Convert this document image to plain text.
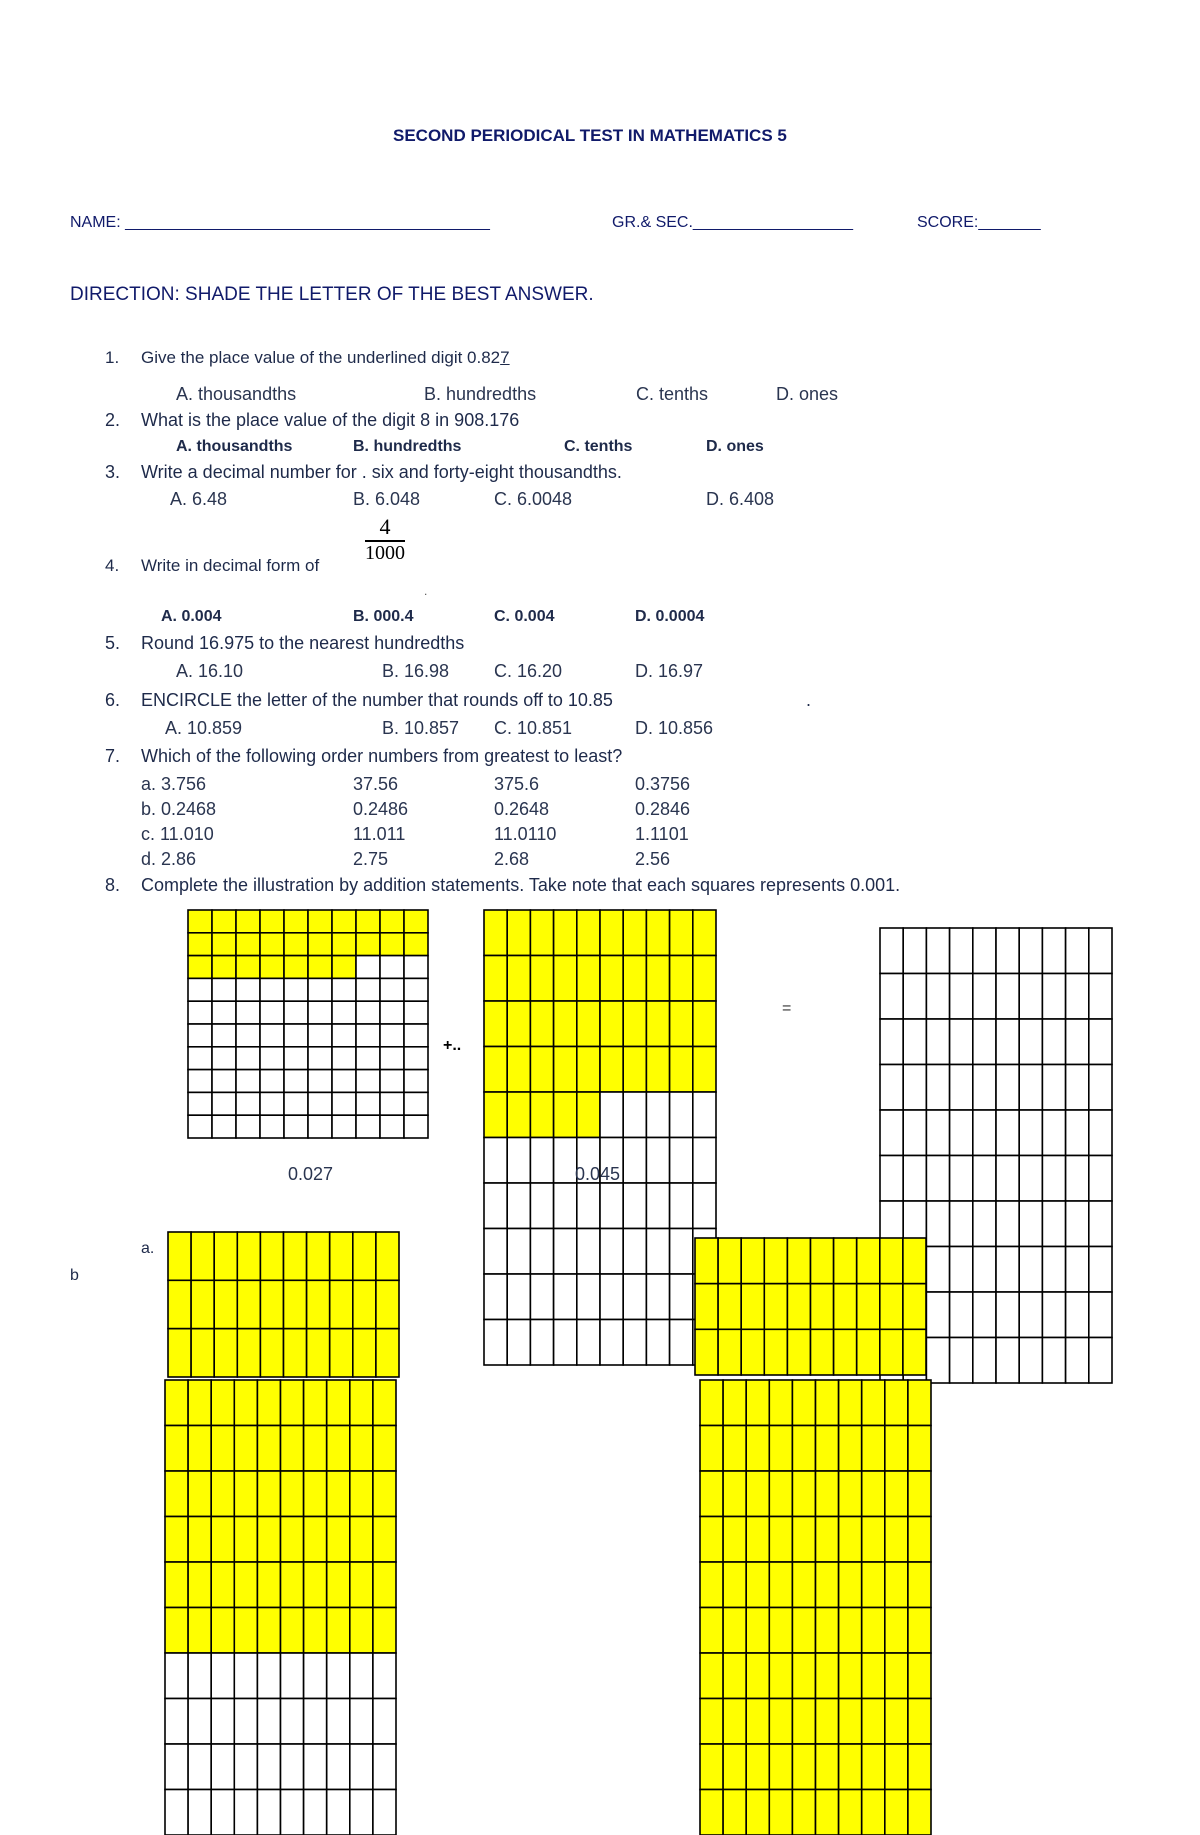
SECOND PERIODICAL TEST IN MATHEMATICS 5
NAME: _________________________________________	GR.& SEC.__________________	SCORE:_______
DIRECTION: SHADE THE LETTER OF THE BEST ANSWER.
1. Give the place value of the underlined digit 0.827
A. thousandths	B. hundredths	C. tenths	D. ones
2. What is the place value of the digit 8 in 908.176
A. thousandths	B. hundredths	C. tenths	D. ones
3. Write a decimal number for . six and forty-eight thousandths.
A. 6.48	B. 6.048	C. 6.0048	D. 6.408
$\frac{4}{1000}$
4. Write in decimal form of
.
A. 0.004	B. 000.4	C. 0.004	D. 0.0004
5. Round 16.975 to the nearest hundredths
A. 16.10	B. 16.98 C. 16.20	D. 16.97
6. ENCIRCLE the letter of the number that rounds off to 10.85	.
A. 10.859	B. 10.857 C. 10.851	D. 10.856
7. Which of the following order numbers from greatest to least?
a. 3.756	37.56	375.6	0.3756
b. 0.2468	0.2486	0.2648	0.2846
c. 11.010	11.011	11.0110	1.1101
d. 2.86	2.75	2.68	2.56
8. Complete the illustration by addition statements. Take note that each squares represents 0.001.
+..
=
0.027	0.045
a.
b
